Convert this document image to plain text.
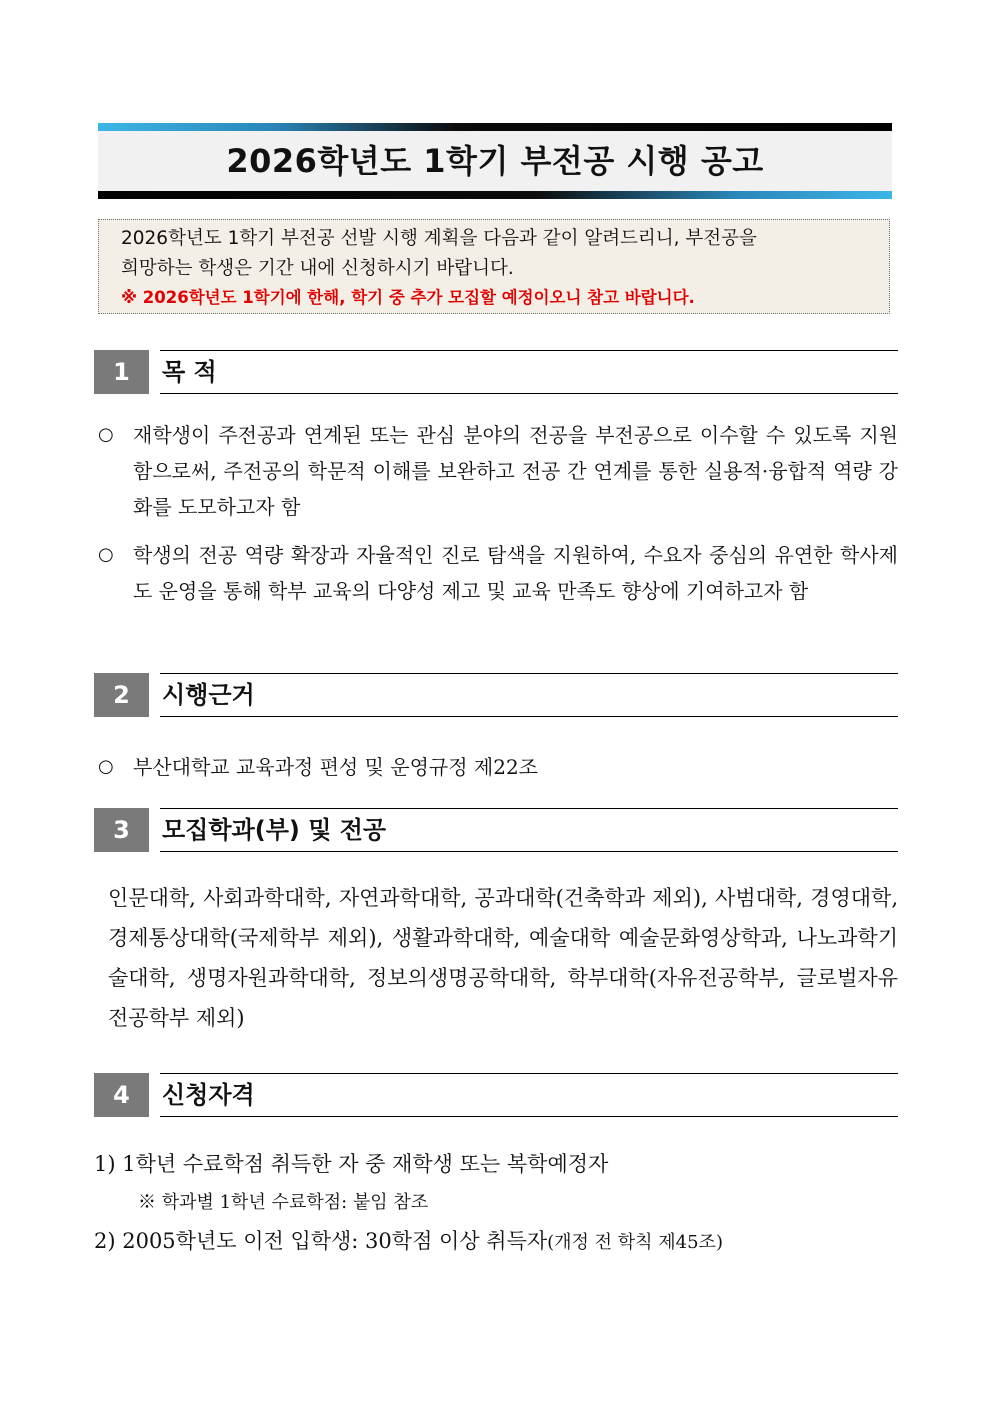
2026학년도 1학기 부전공 시행 공고

2026학년도 1학기 부전공 선발 시행 계획을 다음과 같이 알려드리니, 부전공을

희망하는 학생은 기간 내에 신청하시기 바랍니다.

※ 2026학년도 1학기에 한해, 학기 중 추가 모집할 예정이오니 참고 바랍니다.

1	목 적
○ 재학생이 주전공과 연계된 또는 관심 분야의 전공을 부전공으로 이수할 수 있도록 지원함으로써, 주전공의 학문적 이해를 보완하고 전공 간 연계를 통한 실용적·융합적 역량 강화를 도모하고자 함
○ 학생의 전공 역량 확장과 자율적인 진로 탐색을 지원하여, 수요자 중심의 유연한 학사제도 운영을 통해 학부 교육의 다양성 제고 및 교육 만족도 향상에 기여하고자 함
2	시행근거
○ 부산대학교 교육과정 편성 및 운영규정 제22조
3	모집학과(부) 및 전공
인문대학, 사회과학대학, 자연과학대학, 공과대학(건축학과 제외), 사범대학, 경영대학, 경제통상대학(국제학부 제외), 생활과학대학, 예술대학 예술문화영상학과, 나노과학기술대학, 생명자원과학대학, 정보의생명공학대학, 학부대학(자유전공학부, 글로벌자유전공학부 제외)
4	신청자격
1) 1학년 수료학점 취득한 자 중 재학생 또는 복학예정자
※ 학과별 1학년 수료학점: 붙임 참조
2) 2005학년도 이전 입학생: 30학점 이상 취득자(개정 전 학칙 제45조)
